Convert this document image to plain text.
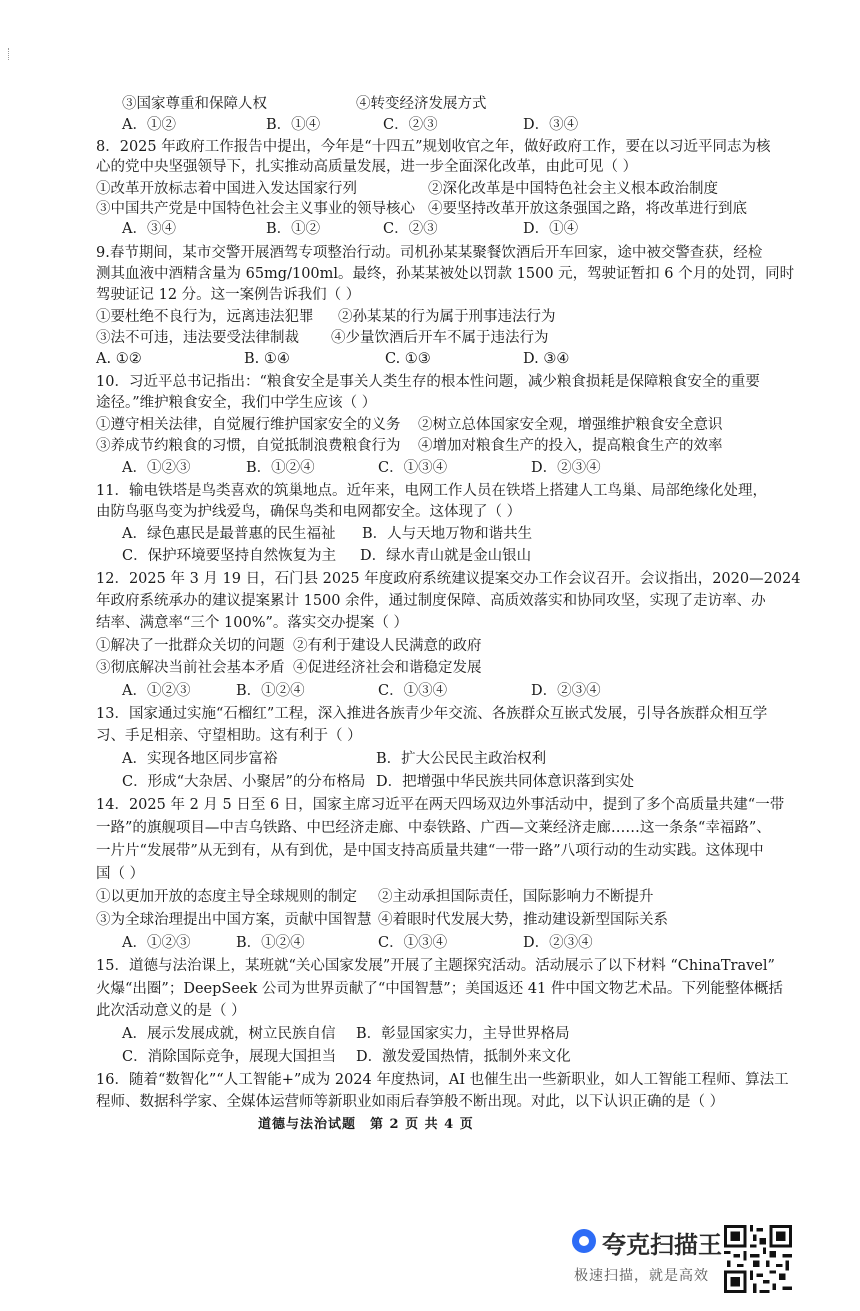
③国家尊重和保障人权	④转变经济发展方式
A．①②	B．①④	C．②③	D．③④
8．2025 年政府工作报告中提出，今年是“十四五”规划收官之年，做好政府工作，要在以习近平同志为核
心的党中央坚强领导下，扎实推动高质量发展，进一步全面深化改革，由此可见（ ）
①改革开放标志着中国进入发达国家行列	②深化改革是中国特色社会主义根本政治制度
③中国共产党是中国特色社会主义事业的领导核心 ④要坚持改革开放这条强国之路，将改革进行到底
A．③④	B．①②	C．②③	D．①④
9.春节期间，某市交警开展酒驾专项整治行动。司机孙某某聚餐饮酒后开车回家，途中被交警查获，经检
测其血液中酒精含量为 65mg/100ml。最终，孙某某被处以罚款 1500 元，驾驶证暂扣 6 个月的处罚，同时
驾驶证记 12 分。这一案例告诉我们（ ）
①要杜绝不良行为，远离违法犯罪 ②孙某某的行为属于刑事违法行为
③法不可违，违法要受法律制裁 ④少量饮酒后开车不属于违法行为
A. ①②	B. ①④	C. ①③	D. ③④
10．习近平总书记指出：“粮食安全是事关人类生存的根本性问题，减少粮食损耗是保障粮食安全的重要
途径。”维护粮食安全，我们中学生应该（ ）
①遵守相关法律，自觉履行维护国家安全的义务 ②树立总体国家安全观，增强维护粮食安全意识
③养成节约粮食的习惯，自觉抵制浪费粮食行为 ④增加对粮食生产的投入，提高粮食生产的效率
A．①②③	B．①②④	C．①③④	D．②③④
11．输电铁塔是鸟类喜欢的筑巢地点。近年来，电网工作人员在铁塔上搭建人工鸟巢、局部绝缘化处理，
由防鸟驱鸟变为护线爱鸟，确保鸟类和电网都安全。这体现了（ ）
A．绿色惠民是最普惠的民生福祉 B．人与天地万物和谐共生
C．保护环境要坚持自然恢复为主 D．绿水青山就是金山银山
12．2025 年 3 月 19 日，石门县 2025 年度政府系统建议提案交办工作会议召开。会议指出，2020—2024
年政府系统承办的建议提案累计 1500 余件，通过制度保障、高质效落实和协同攻坚，实现了走访率、办
结率、满意率“三个 100%”。落实交办提案（ ）
①解决了一批群众关切的问题 ②有利于建设人民满意的政府
③彻底解决当前社会基本矛盾 ④促进经济社会和谐稳定发展
A．①②③	B．①②④	C．①③④	D．②③④
13．国家通过实施“石榴红”工程，深入推进各族青少年交流、各族群众互嵌式发展，引导各族群众相互学
习、手足相亲、守望相助。这有利于（ ）
A．实现各地区同步富裕	B．扩大公民民主政治权利
C．形成“大杂居、小聚居”的分布格局 D．把增强中华民族共同体意识落到实处
14．2025 年 2 月 5 日至 6 日，国家主席习近平在两天四场双边外事活动中，提到了多个高质量共建“一带
一路”的旗舰项目—中吉乌铁路、中巴经济走廊、中泰铁路、广西—文莱经济走廊……这一条条“幸福路”、
一片片“发展带”从无到有，从有到优，是中国支持高质量共建“一带一路”八项行动的生动实践。这体现中
国（ ）
①以更加开放的态度主导全球规则的制定 ②主动承担国际责任，国际影响力不断提升
③为全球治理提出中国方案，贡献中国智慧 ④着眼时代发展大势，推动建设新型国际关系
A．①②③	B．①②④	C．①③④	D．②③④
15．道德与法治课上，某班就“关心国家发展”开展了主题探究活动。活动展示了以下材料 “ChinaTravel”
火爆“出圈”；DeepSeek 公司为世界贡献了“中国智慧”；美国返还 41 件中国文物艺术品。下列能整体概括
此次活动意义的是（ ）
A．展示发展成就，树立民族自信 B．彰显国家实力，主导世界格局
C．消除国际竞争，展现大国担当 D．激发爱国热情，抵制外来文化
16．随着“数智化”“人工智能+”成为 2024 年度热词，AI 也催生出一些新职业，如人工智能工程师、算法工
程师、数据科学家、全媒体运营师等新职业如雨后春笋般不断出现。对此，以下认识正确的是（ ）
道德与法治试题　第 2 页 共 4 页
夸克扫描王
极速扫描，就是高效
